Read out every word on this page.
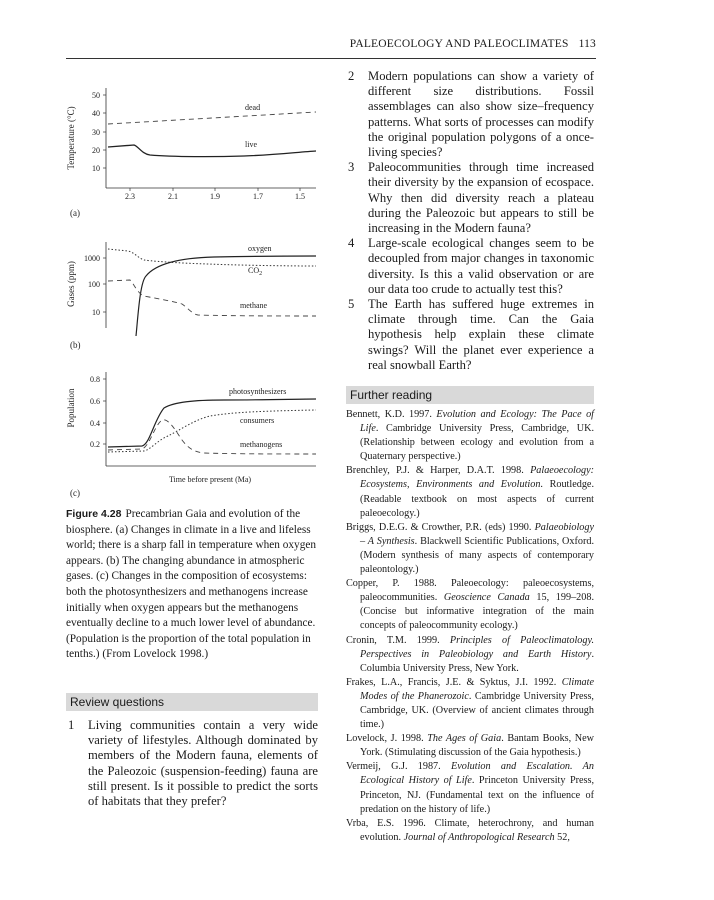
PALEOECOLOGY AND PALEOCLIMATES 113
Temperature (°C)
50
40
30
20
10
2.3	2.1	1.9	1.7	1.5
dead
live
(a)
Gases (ppm)
1000
100
10
oxygen
$CO_2$
methane
(b)
Population
0.8
0.6
0.4
0.2
photosynthesizers
consumers
methanogens
Time before present (Ma)
(c)
Figure 4.28 Precambrian Gaia and evolution of the biosphere. (a) Changes in climate in a live and lifeless world; there is a sharp fall in temperature when oxygen appears. (b) The changing abundance in atmospheric gases. (c) Changes in the composition of ecosystems: both the photosynthesizers and methanogens increase initially when oxygen appears but the methanogens eventually decline to a much lower level of abundance. (Population is the proportion of the total population in tenths.) (From Lovelock 1998.)
Review questions

1 Living communities contain a very wide variety of lifestyles. Although dominated by members of the Modern fauna, elements of the Paleozoic (suspension-feeding) fauna are still present. Is it possible to predict the sorts of habitats that they prefer?

2 Modern populations can show a variety of different size distributions. Fossil assemblages can also show size–frequency patterns. What sorts of processes can modify the original population polygons of a once-living species?

3 Paleocommunities through time increased their diversity by the expansion of ecospace. Why then did diversity reach a plateau during the Paleozoic but appears to still be increasing in the Modern fauna?

4 Large-scale ecological changes seem to be decoupled from major changes in taxonomic diversity. Is this a valid observation or are our data too crude to actually test this?

5 The Earth has suffered huge extremes in climate through time. Can the Gaia hypothesis help explain these climate swings? Will the planet ever experience a real snowball Earth?

Further reading

Bennett, K.D. 1997. Evolution and Ecology: The Pace of Life. Cambridge University Press, Cambridge, UK. (Relationship between ecology and evolution from a Quaternary perspective.)

Brenchley, P.J. & Harper, D.A.T. 1998. Palaeoecology: Ecosystems, Environments and Evolution. Routledge. (Readable textbook on most aspects of current paleoecology.)

Briggs, D.E.G. & Crowther, P.R. (eds) 1990. Palaeobiology – A Synthesis. Blackwell Scientific Publications, Oxford. (Modern synthesis of many aspects of contemporary paleontology.)

Copper, P. 1988. Paleoecology: paleoecosystems, paleocommunities. Geoscience Canada 15, 199–208. (Concise but informative integration of the main concepts of paleocommunity ecology.)

Cronin, T.M. 1999. Principles of Paleoclimatology. Perspectives in Paleobiology and Earth History. Columbia University Press, New York.

Frakes, L.A., Francis, J.E. & Syktus, J.I. 1992. Climate Modes of the Phanerozoic. Cambridge University Press, Cambridge, UK. (Overview of ancient climates through time.)

Lovelock, J. 1998. The Ages of Gaia. Bantam Books, New York. (Stimulating discussion of the Gaia hypothesis.)

Vermeij, G.J. 1987. Evolution and Escalation. An Ecological History of Life. Princeton University Press, Princeton, NJ. (Fundamental text on the influence of predation on the history of life.)

Vrba, E.S. 1996. Climate, heterochrony, and human evolution. Journal of Anthropological Research 52,
